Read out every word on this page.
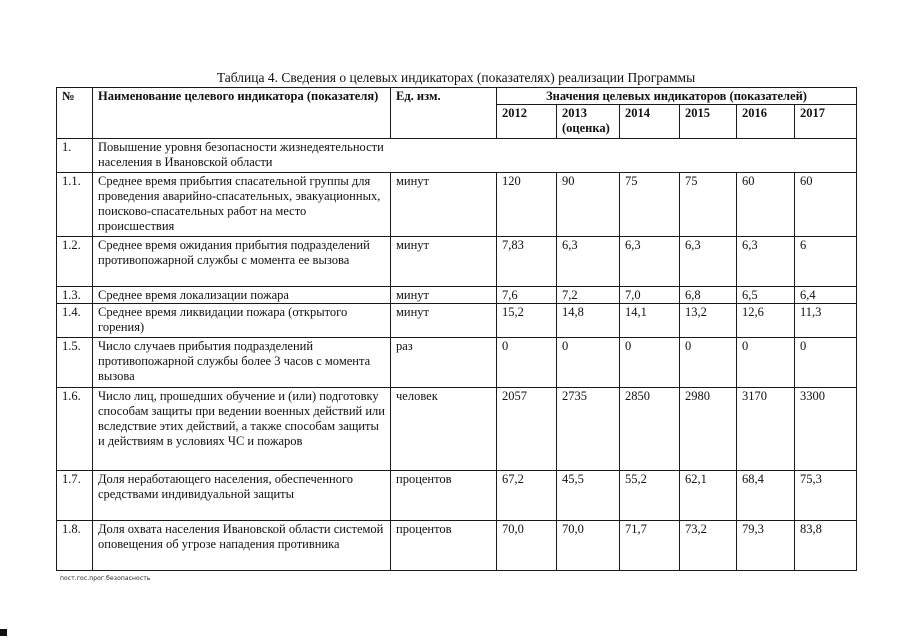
Таблица 4. Сведения о целевых индикаторах (показателях) реализации Программы
№	Наименование целевого индикатора (показателя)	Ед. изм.	Значения целевых индикаторов (показателей)					
			2012	2013 (оценка)	2014	2015	2016	2017
1.	Повышение уровня безопасности жизнедеятельности населения в Ивановской области							
1.1.	Среднее время прибытия спасательной группы для проведения аварийно-спасательных, эвакуационных, поисково-спасательных работ на место происшествия	минут	120	90	75	75	60	60
1.2.	Среднее время ожидания прибытия подразделений противопожарной службы с момента ее вызова	минут	7,83	6,3	6,3	6,3	6,3	6
1.3.	Среднее время локализации пожара	минут	7,6	7,2	7,0	6,8	6,5	6,4
1.4.	Среднее время ликвидации пожара (открытого горения)	минут	15,2	14,8	14,1	13,2	12,6	11,3
1.5.	Число случаев прибытия подразделений противопожарной службы более 3 часов с момента вызова	раз	0	0	0	0	0	0
1.6.	Число лиц, прошедших обучение и (или) подготовку способам защиты при ведении военных действий или вследствие этих действий, а также способам защиты и действиям в условиях ЧС и пожаров	человек	2057	2735	2850	2980	3170	3300
1.7.	Доля неработающего населения, обеспеченного средствами индивидуальной защиты	процентов	67,2	45,5	55,2	62,1	68,4	75,3
1.8.	Доля охвата населения Ивановской области системой оповещения об угрозе нападения противника	процентов	70,0	70,0	71,7	73,2	79,3	83,8
пост.гос.прог.безопасность
